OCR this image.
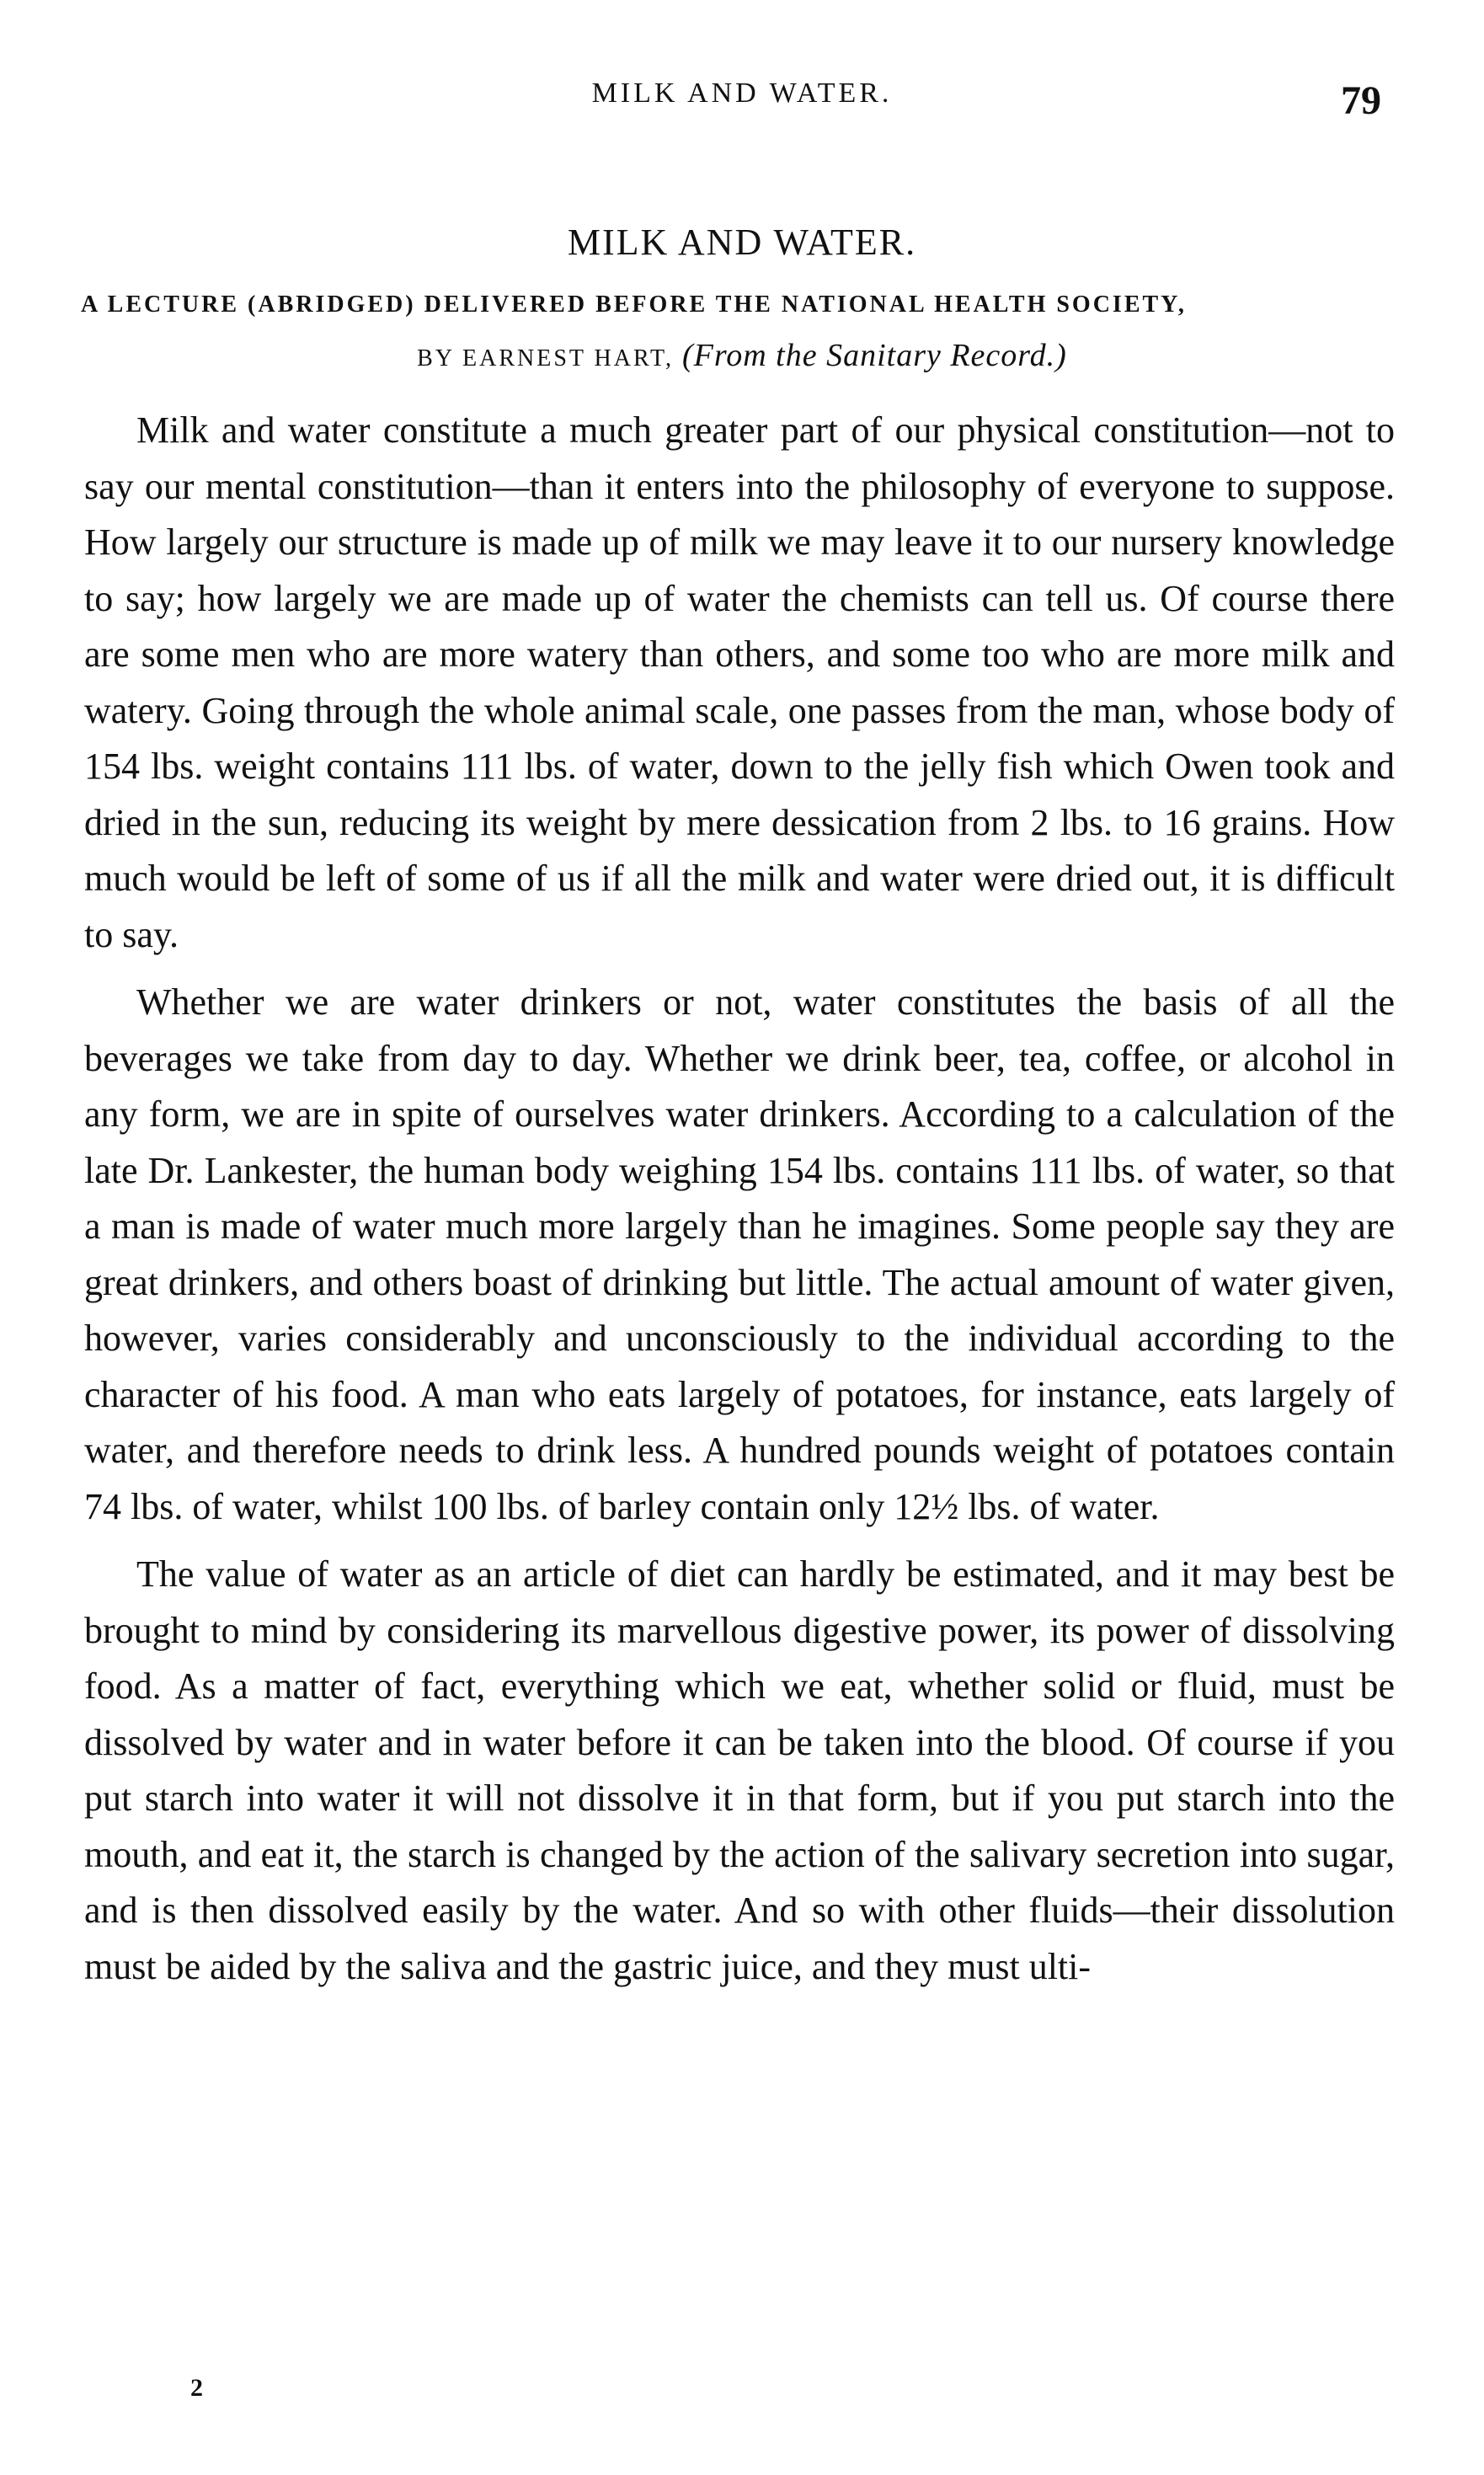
MILK AND WATER.	79
MILK AND WATER.
A LECTURE (ABRIDGED) DELIVERED BEFORE THE NATIONAL HEALTH SOCIETY,
BY EARNEST HART, (From the Sanitary Record.)

Milk and water constitute a much greater part of our physical constitution—not to say our mental constitution—than it enters into the philosophy of everyone to suppose. How largely our structure is made up of milk we may leave it to our nursery knowledge to say; how largely we are made up of water the chemists can tell us. Of course there are some men who are more watery than others, and some too who are more milk and watery. Going through the whole animal scale, one passes from the man, whose body of 154 lbs. weight contains 111 lbs. of water, down to the jelly fish which Owen took and dried in the sun, reducing its weight by mere dessication from 2 lbs. to 16 grains. How much would be left of some of us if all the milk and water were dried out, it is difficult to say.

Whether we are water drinkers or not, water constitutes the basis of all the beverages we take from day to day. Whether we drink beer, tea, coffee, or alcohol in any form, we are in spite of ourselves water drinkers. According to a calculation of the late Dr. Lankester, the human body weighing 154 lbs. contains 111 lbs. of water, so that a man is made of water much more largely than he imagines. Some people say they are great drinkers, and others boast of drinking but little. The actual amount of water given, however, varies considerably and unconsciously to the individual according to the character of his food. A man who eats largely of potatoes, for instance, eats largely of water, and therefore needs to drink less. A hundred pounds weight of potatoes contain 74 lbs. of water, whilst 100 lbs. of barley contain only 12½ lbs. of water.

The value of water as an article of diet can hardly be estimated, and it may best be brought to mind by considering its marvellous digestive power, its power of dissolving food. As a matter of fact, everything which we eat, whether solid or fluid, must be dissolved by water and in water before it can be taken into the blood. Of course if you put starch into water it will not dissolve it in that form, but if you put starch into the mouth, and eat it, the starch is changed by the action of the salivary secretion into sugar, and is then dissolved easily by the water. And so with other fluids—their dissolution must be aided by the saliva and the gastric juice, and they must ulti-

2
